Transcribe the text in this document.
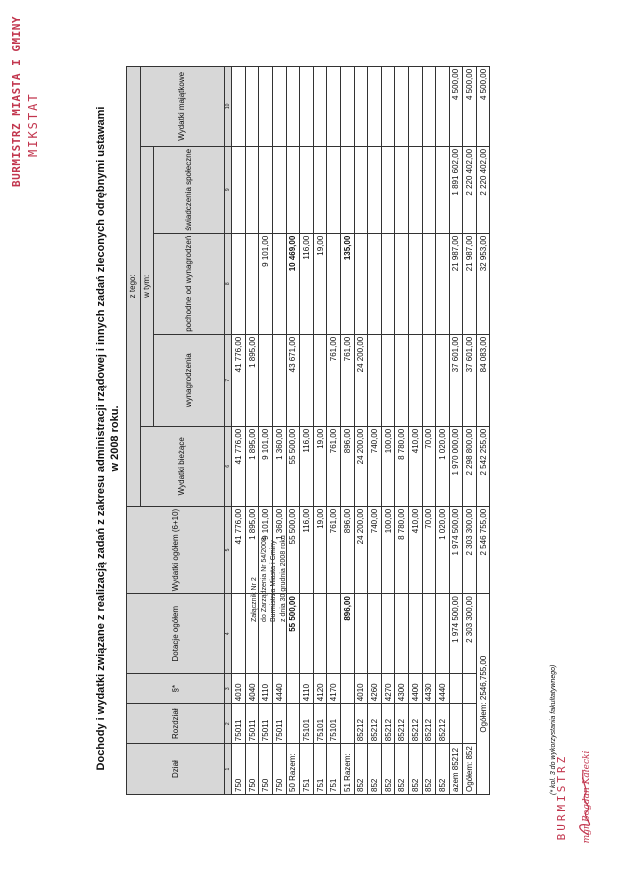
BURMISTRZ MIASTA I GMINY MIKSTAT
Załącznik Nr 2 do Zarządzenia Nr 54/2008 Burmistrza Miasta i Gminy z dnia 30 grudnia 2008 roku
Dochody i wydatki związane z realizacją zadań z zakresu administracji rządowej i innych zadań zleconych odrębnymi ustawami w 2008 roku.
Dział	Rozdział	§*	Dotacje ogółem	Wydatki ogółem (6+10)	z tego:				
					Wydatki bieżące	w tym:			Wydatki majątkowe
						wynagrodzenia	pochodne od wynagrodzeń	świadczenia społeczne	
1	2	3	4	5	6	7	8	9	10
750	75011	4010		41 776,00	41 776,00	41 776,00			
750	75011	4040		1 895,00	1 895,00	1 895,00			
750	75011	4110		9 101,00	9 101,00		9 101,00		
750	75011	4440		1 360,00	1 360,00				
50 Razem:			55 500,00	55 500,00	55 500,00	43 671,00	10 469,00		
751	75101	4110		116,00	116,00		116,00		
751	75101	4120		19,00	19,00		19,00		
751	75101	4170		761,00	761,00	761,00			
51 Razem:			896,00	896,00	896,00	761,00	135,00		
852	85212	4010		24 200,00	24 200,00	24 200,00			
852	85212	4260		740,00	740,00				
852	85212	4270		100,00	100,00				
852	85212	4300		8 780,00	8 780,00				
852	85212	4400		410,00	410,00				
852	85212	4430		70,00	70,00				
852	85212	4440		1 020,00	1 020,00				
azem 85212			1 974 500,00	1 974 500,00	1 970 000,00	37 601,00	21 987,00	1 891 602,00	4 500,00
Ogółem: 852			2 303 300,00	2 303 300,00	2 298 800,00	37 601,00	21 987,00	2 220 402,00	4 500,00
Ogółem: 2546,755,00				2 546 755,00	2 542 255,00	84 083,00	32 953,00	2 220 402,00	4 500,00
(* kol. 3 do wykorzystania fakultatywnego)
BURMISTRZ mgr Bogdan Kałecki
